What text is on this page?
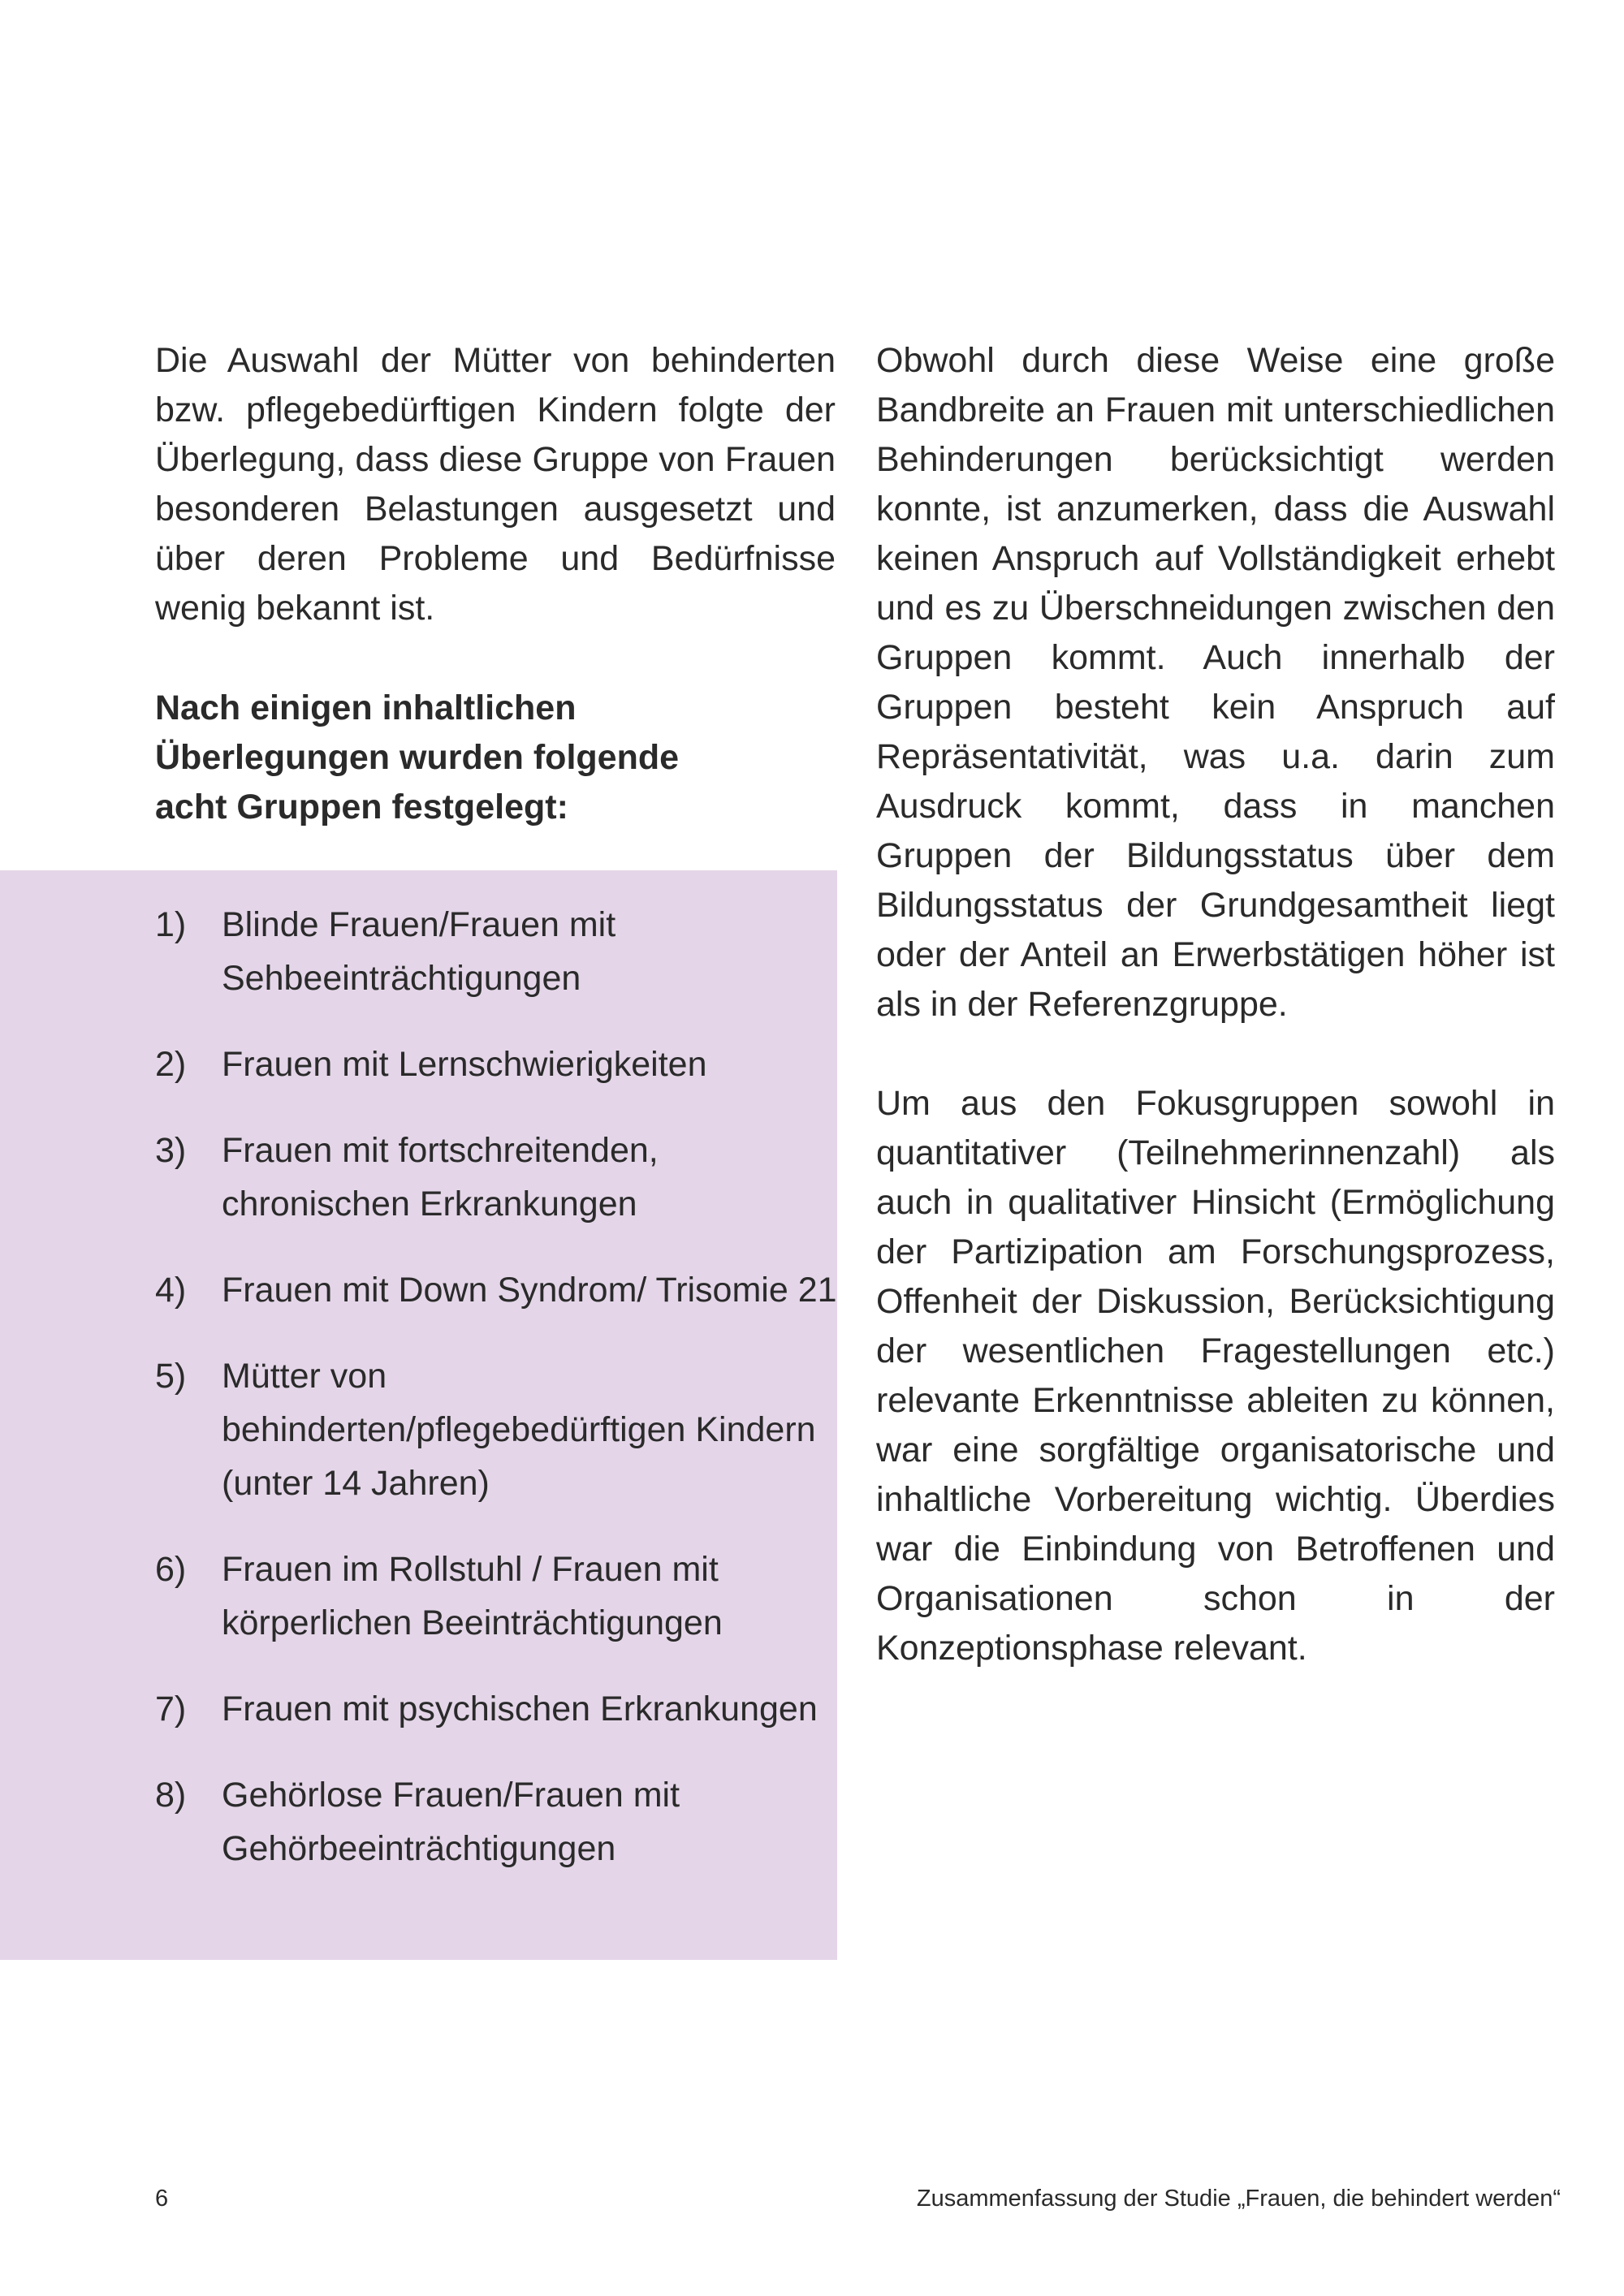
Die Auswahl der Mütter von behinderten bzw. pflegebedürftigen Kindern folgte der Überlegung, dass diese Gruppe von Frauen besonderen Belastungen ausgesetzt und über deren Probleme und Bedürfnisse wenig bekannt ist.

Nach einigen inhaltlichen
Überlegungen wurden folgende
acht Gruppen festgelegt:
1)	Blinde Frauen/Frauen mit Sehbeeinträchtigungen
2)	Frauen mit Lernschwierigkeiten
3)	Frauen mit fortschreitenden, chronischen Erkrankungen
4)	Frauen mit Down Syndrom/ Trisomie 21
5)	Mütter von behinderten/pflegebedürftigen Kindern (unter 14 Jahren)
6)	Frauen im Rollstuhl / Frauen mit körperlichen Beeinträchtigungen
7)	Frauen mit psychischen Erkrankungen
8)	Gehörlose Frauen/Frauen mit Gehörbeeinträchtigungen

Obwohl durch diese Weise eine große Bandbreite an Frauen mit unterschiedlichen Behinderungen berücksichtigt werden konnte, ist anzumerken, dass die Auswahl keinen Anspruch auf Vollständigkeit erhebt und es zu Überschneidungen zwischen den Gruppen kommt. Auch innerhalb der Gruppen besteht kein Anspruch auf Repräsentativität, was u.a. darin zum Ausdruck kommt, dass in manchen Gruppen der Bildungsstatus über dem Bildungsstatus der Grundgesamtheit liegt oder der Anteil an Erwerbstätigen höher ist als in der Referenzgruppe.

Um aus den Fokusgruppen sowohl in quantitativer (Teilnehmerinnenzahl) als auch in qualitativer Hinsicht (Ermöglichung der Partizipation am Forschungsprozess, Offenheit der Diskussion, Berücksichtigung der wesentlichen Fragestellungen etc.) relevante Erkenntnisse ableiten zu können, war eine sorgfältige organisatorische und inhaltliche Vorbereitung wichtig. Überdies war die Einbindung von Betroffenen und Organisationen schon in der Konzeptionsphase relevant.

6	Zusammenfassung der Studie „Frauen, die behindert werden“
